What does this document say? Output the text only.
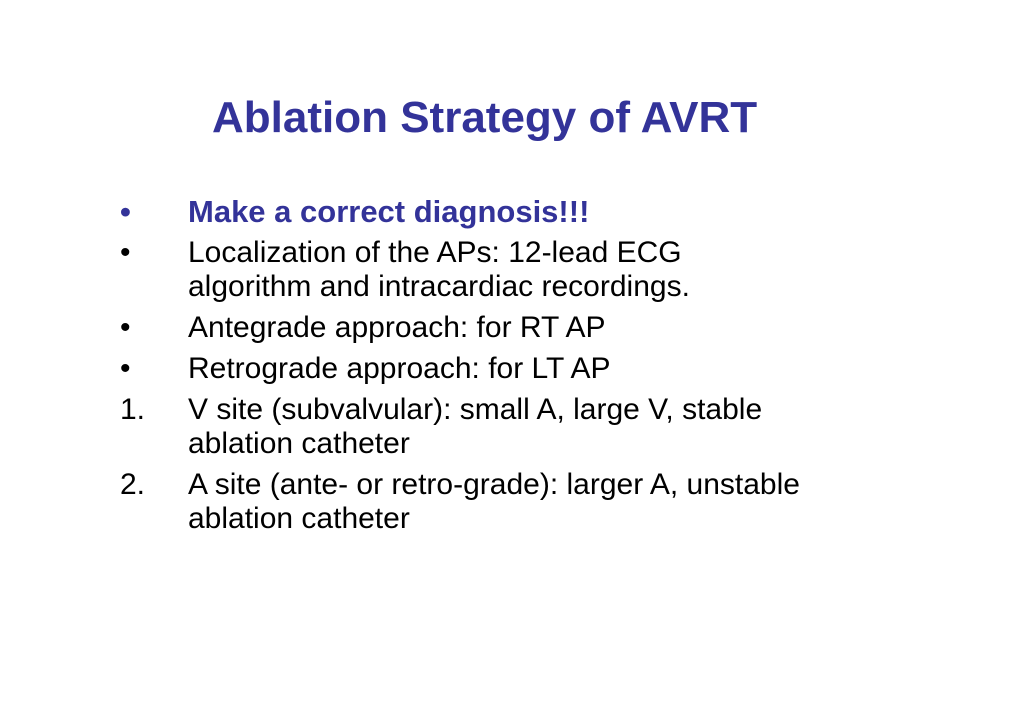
Ablation Strategy of AVRT
•	Make a correct diagnosis!!!
•	Localization of the APs: 12-lead ECG
algorithm and intracardiac recordings.
•	Antegrade approach: for RT AP
•	Retrograde approach: for LT AP
1.	V site (subvalvular): small A, large V, stable
ablation catheter
2.	A site (ante- or retro-grade): larger A, unstable
ablation catheter
